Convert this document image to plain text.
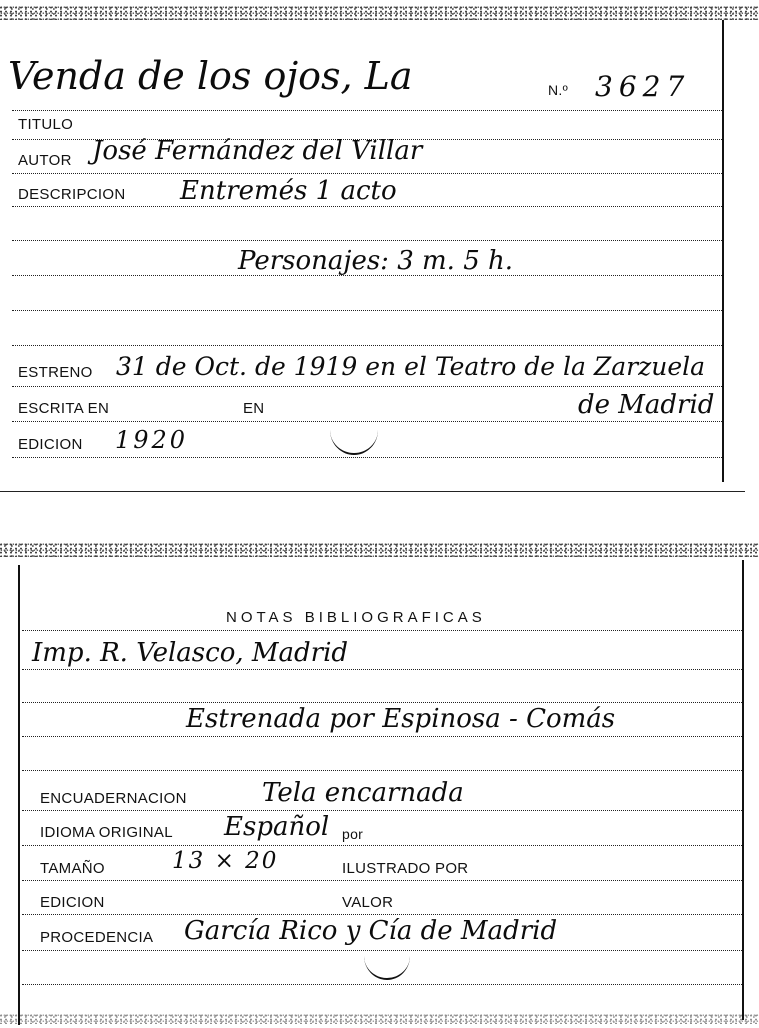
Venda de los ojos, La	N.º 3627
TITULO
AUTOR José Fernández del Villar
DESCRIPCION Entremés 1 acto
Personajes: 3 m. 5 h.
ESTRENO 31 de Oct. de 1919 en el Teatro de la Zarzuela
ESCRITA EN	EN	de Madrid
EDICION 1920
NOTAS BIBLIOGRAFICAS
Imp. R. Velasco, Madrid
Estrenada por Espinosa - Comás
ENCUADERNACION	Tela encarnada
IDIOMA ORIGINAL Español por
TAMAÑO	13 × 20	ILUSTRADO POR
EDICION	VALOR
PROCEDENCIA García Rico y Cía de Madrid
